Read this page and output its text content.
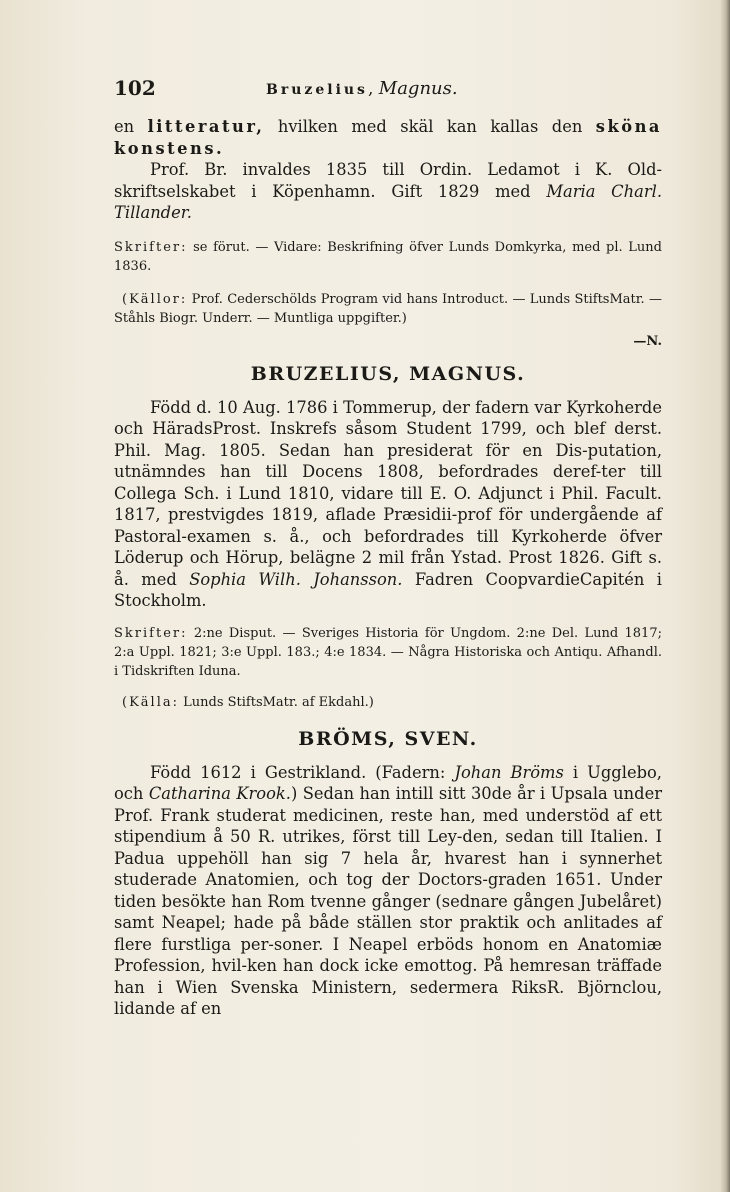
102	Bruzelius, Magnus.

en litteratur, hvilken med skäl kan kallas den sköna konstens.

Prof. Br. invaldes 1835 till Ordin. Ledamot i K. Old-skriftselskabet i Köpenhamn. Gift 1829 med Maria Charl. Tillander.

Skrifter: se förut. — Vidare: Beskrifning öfver Lunds Domkyrka, med pl. Lund 1836.

(Källor: Prof. Cederschölds Program vid hans Introduct. — Lunds StiftsMatr. — Ståhls Biogr. Underr. — Muntliga uppgifter.)

—N.
BRUZELIUS, MAGNUS.

Född d. 10 Aug. 1786 i Tommerup, der fadern var Kyrkoherde och HäradsProst. Inskrefs såsom Student 1799, och blef derst. Phil. Mag. 1805. Sedan han presiderat för en Dis-putation, utnämndes han till Docens 1808, befordrades deref-ter till Collega Sch. i Lund 1810, vidare till E. O. Adjunct i Phil. Facult. 1817, prestvigdes 1819, aflade Præsidii-prof för undergående af Pastoral-examen s. å., och befordrades till Kyrkoherde öfver Löderup och Hörup, belägne 2 mil från Ystad. Prost 1826. Gift s. å. med Sophia Wilh. Johansson. Fadren CoopvardieCapitén i Stockholm.

Skrifter: 2:ne Disput. — Sveriges Historia för Ungdom. 2:ne Del. Lund 1817; 2:a Uppl. 1821; 3:e Uppl. 183.; 4:e 1834. — Några Historiska och Antiqu. Afhandl. i Tidskriften Iduna.

(Källa: Lunds StiftsMatr. af Ekdahl.)

BRÖMS, SVEN.

Född 1612 i Gestrikland. (Fadern: Johan Bröms i Ugglebo, och Catharina Krook.) Sedan han intill sitt 30de år i Upsala under Prof. Frank studerat medicinen, reste han, med understöd af ett stipendium å 50 R. utrikes, först till Ley-den, sedan till Italien. I Padua uppehöll han sig 7 hela år, hvarest han i synnerhet studerade Anatomien, och tog der Doctors-graden 1651. Under tiden besökte han Rom tvenne gånger (sednare gången Jubelåret) samt Neapel; hade på både ställen stor praktik och anlitades af flere furstliga per-soner. I Neapel erböds honom en Anatomiæ Profession, hvil-ken han dock icke emottog. På hemresan träffade han i Wien Svenska Ministern, sedermera RiksR. Björnclou, lidande af en
